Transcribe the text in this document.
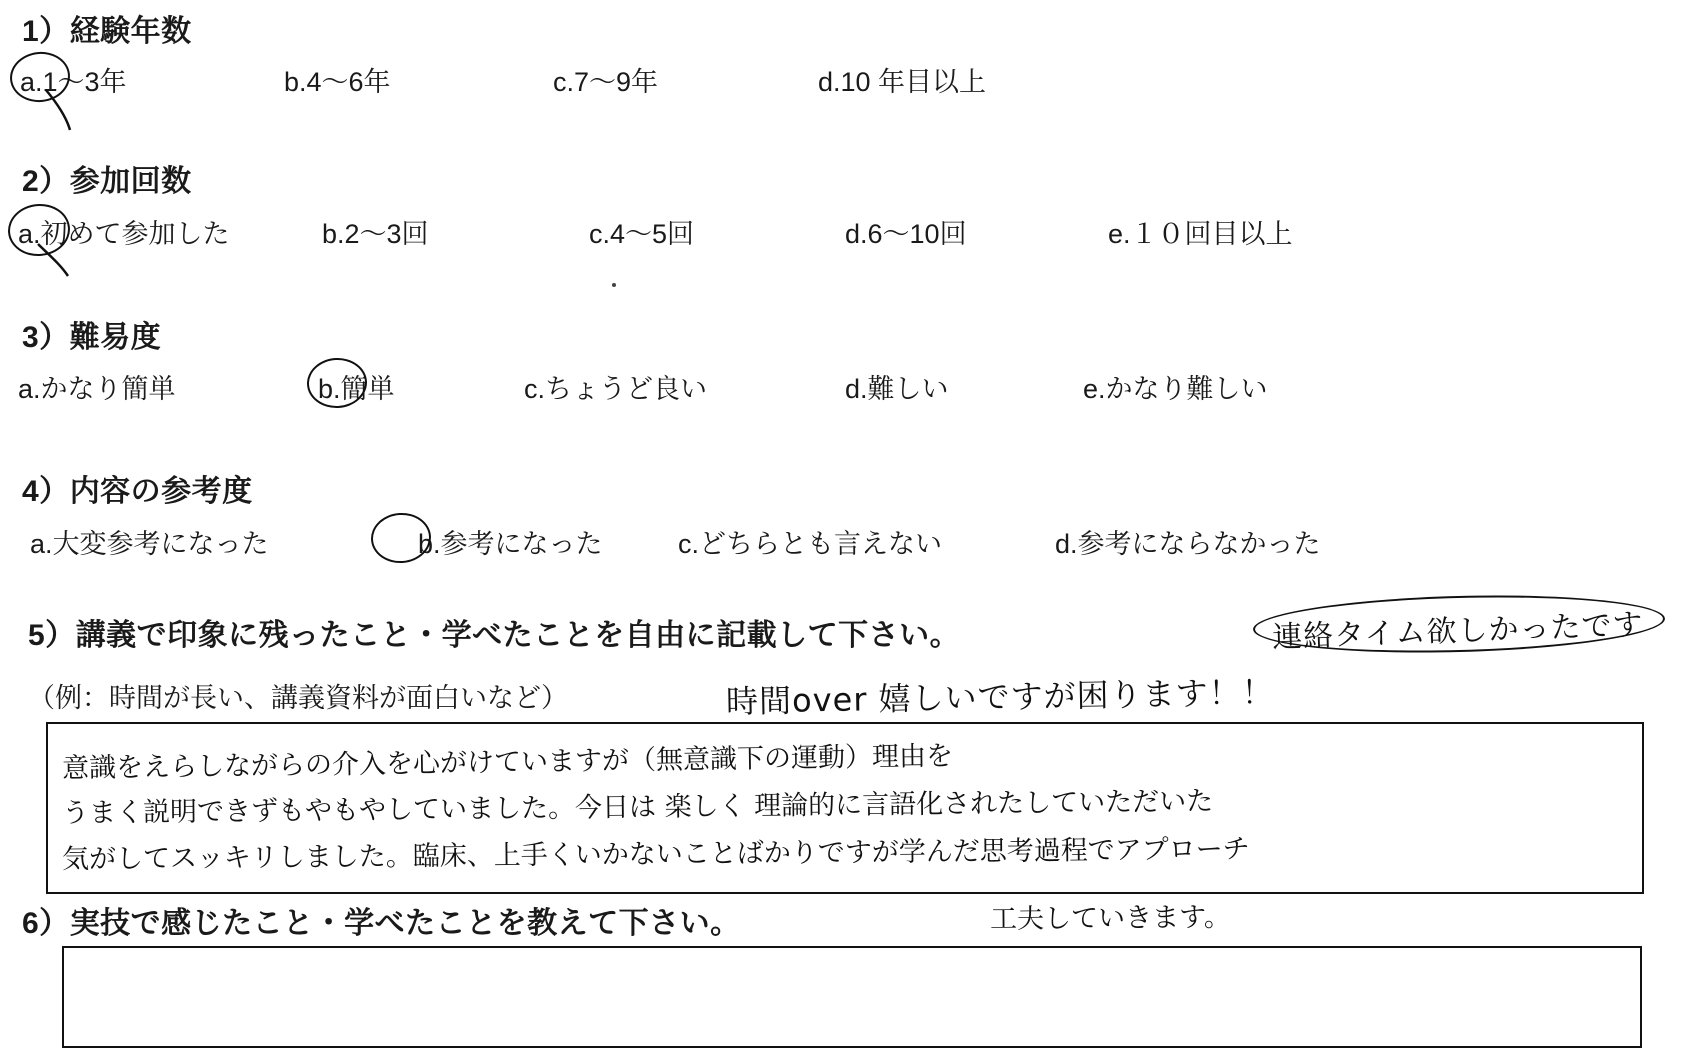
1）経験年数
a.1〜3年	b.4〜6年	c.7〜9年	d.10 年目以上
2）参加回数
a.初めて参加した	b.2〜3回	c.4〜5回	d.6〜10回	e.１０回目以上
3）難易度
a.かなり簡単	b.簡単	c.ちょうど良い	d.難しい	e.かなり難しい
4）内容の参考度
a.大変参考になった	b.参考になった	c.どちらとも言えない	d.参考にならなかった
5）講義で印象に残ったこと・学べたことを自由に記載して下さい。
（例：時間が長い、講義資料が面白いなど）
連絡タイム欲しかったです
時間over 嬉しいですが困ります！！
意識をえらしながらの介入を心がけていますが（無意識下の運動）理由を
うまく説明できずもやもやしていました。今日は 楽しく 理論的に言語化されたしていただいた
気がしてスッキリしました。臨床、上手くいかないことばかりですが学んだ思考過程でアプローチ
工夫していきます。
6）実技で感じたこと・学べたことを教えて下さい。
